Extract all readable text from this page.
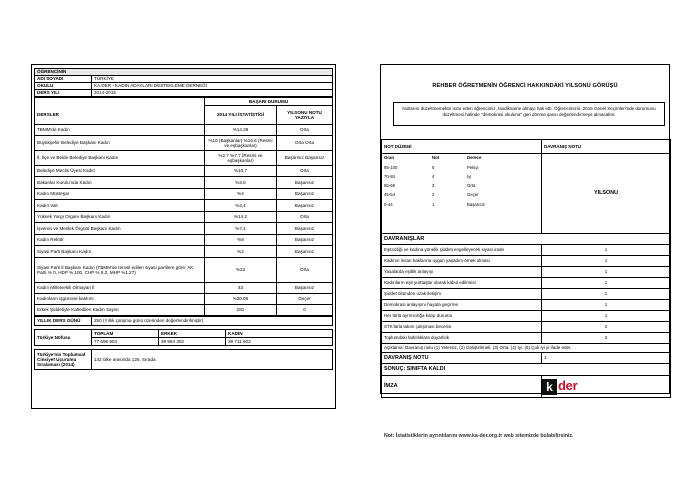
ÖĞRENCİNİN	
ADI SOYADI	TÜRKİYE
OKULU	KA.DER - KADIN ADAYLARI DESTEKLEME DERNEĞİ
DERS YILI	2014-2015
	BAŞARI DURUMU	
DERSLER	2014 YILI İSTATİSTİĞİ	YILSONU NOTU YAZIYLA
TBMM'de Kadın	%14,39	Orta
Büyükşehir Belediye Başkanı Kadın	%10 (Başkanlar) %16,6 (Resmi ve eşbaşkanlar)	Orta Orta
İl, İlçe ve Belde Belediye Başkanı Kadın	%2.7 %7,7 (Resmi ve eşbaşkanlar)	Başarısız Başarısız
Belediye Meclis Üyesi Kadın	%10,7	Orta
Bakanlar Kurulu'nda Kadın	%3,8	Başarısız
Kadın Müsteşar	%4	Başarısız
Kadın Vali	%2,4	Başarısız
Yüksek Yargı Organı Başkanı Kadın	%14,2	Orta
İşveren ve Meslek Örgütü Başkanı Kadın	%7,1	Başarısız
Kadın Rektör	%8	Başarısız
Siyasi Parti Başkanı Kadın	%2	Başarısız
Siyasi Parti İl Başkanı Kadın (TBMM'de temsil edilen siyasi partilere göre; AK Parti % 0, HDP % 100, CHP % 6.2, MHP %1.27)	%23	Orta
Kadın Milletvekili Olmayan İl	43	Başarısız
Kadınların işgücüne katılımı	%30.05	Geçer
Erkek Şiddetiyle Katledilen Kadın Sayısı	281	0
YILLIK DERS GÜNÜ	250 (Yıllık çalışma günü üzerinden değerlendirilmiştir)		

Türkiye Nüfusu	TOPLAM	ERKEK	KADIN
	77 695 904	38 984 302	38 711 602

Türkiye'nin Toplumsal Cinsiyet Uçurumu Sıralaması (2014)	142 ülke arasında 125. Sırada		
REHBER ÖĞRETMENİN ÖĞRENCİ HAKKINDAKİ YILSONU GÖRÜŞÜ
Notlarını düzeltmemekte ısrar eden öğrencimiz, tasdikname almayı hak etti. Öğrencimizin, 2015 Genel Seçimleri'nde durumunu düzeltmesi halinde "demokrasi okuluna" geri dönme şansı değerlendirmeye alınacaktır.
NOT DÜZENİ	DAVRANIŞ NOTU

Oran	Not	Derece
85-100	5	Pekiyi
70-84	4	İyi
55-69	3	Orta
45-54	2	Geçer
0-44	1	Başarısız
	YILSONU
DAVRANIŞLAR
Eşitsizliği ve kadına yönelik şiddeti engelleyecek siyasi irade	1
Kadının insan haklarına uygun yaşadım örnek olması	1
Yasalarda eşitlik anlayışı	1
Kadınların eşit yurttaşlar olarak kabul edilmesi	1
Şiddet ölümden uzak iletişim	1
Demokrasi anlayışını hayata geçirme	1
Her türlü ayrımcılığa karşı duruma	1
STK'larla takım çalışması becerisi	2
Toplumdaki farklılıklara duyarlılık	2
Açıklama: Davranış notu (1) Yetersiz, (2) Geliştirilmeli, (3) Orta, (4) İyi, (5) Çok iyi yi ifade eder.
DAVRANIŞ NOTU	1
SONUÇ: SINIFTA KALDI
İMZA	k der
Not: İstatistiklerin ayrıntılarını www.ka-der.org.tr web sitemizde bulabilirsiniz.
